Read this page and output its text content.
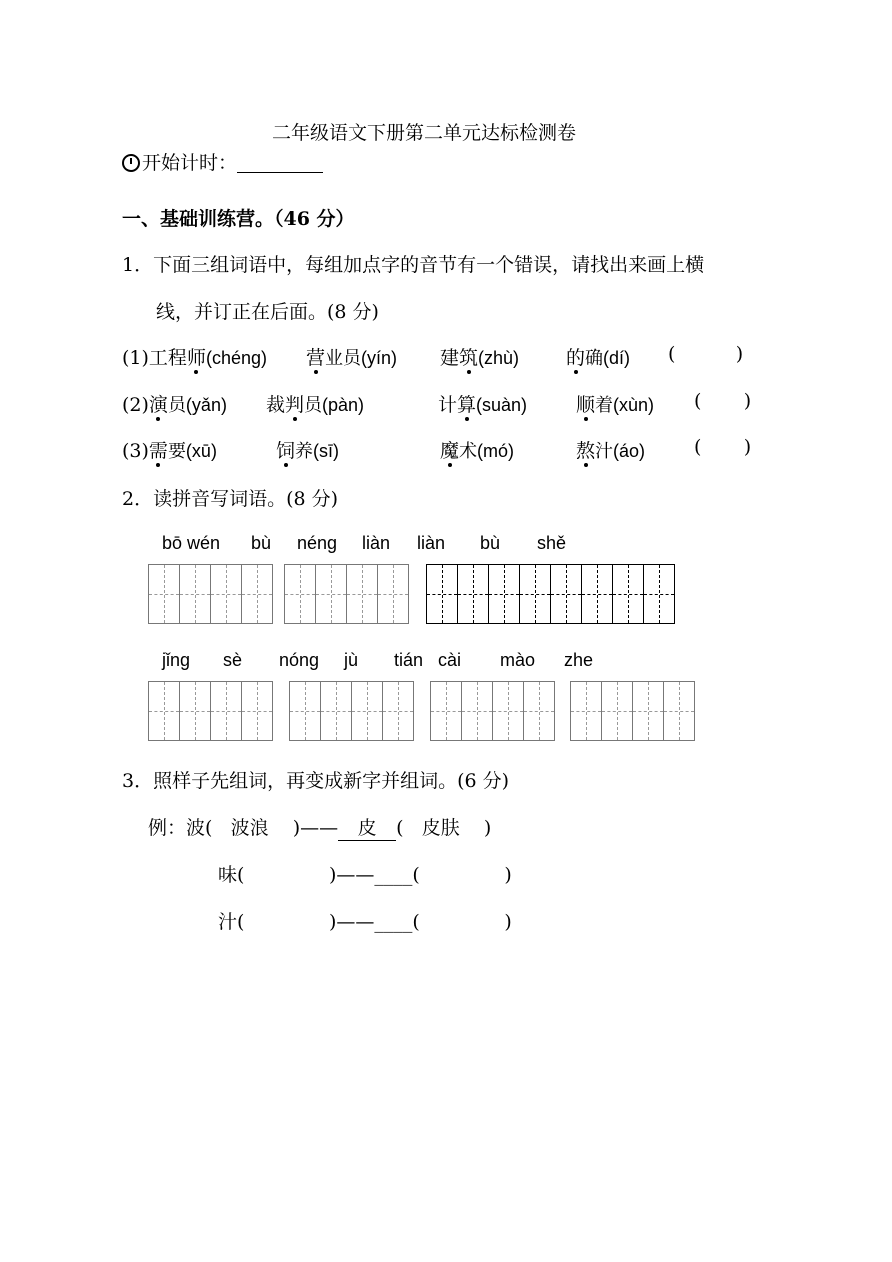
二年级语文下册第二单元达标检测卷
开始计时：
一、基础训练营。（46 分）
1．下面三组词语中，每组加点字的音节有一个错误，请找出来画上横
线，并订正在后面。(8 分)
(1)工程师(chéng) 营业员(yín) 建筑(zhù) 的确(dí) (          )
(2)演员(yǎn) 裁判员(pàn)	计算(suàn)	顺着(xùn) (       )
(3)需要(xū)	饲养(sī)	魔术(mó)	熬汁(áo)	(       )
2．读拼音写词语。(8 分)
bō wén bù néng liàn liàn bù shě
jǐng sè nóng jù tián cài mào zhe
3．照样子先组词，再变成新字并组词。(6 分)
例：波(   波浪    )—— 皮 (   皮肤    )
味(              )——____(              )
汁(              )——____(              )
